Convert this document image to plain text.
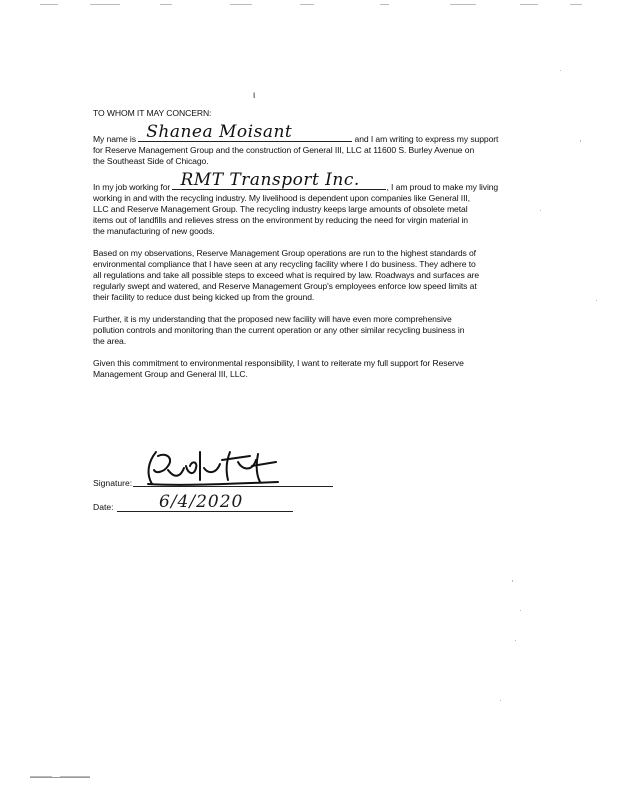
ι

TO WHOM IT MAY CONCERN:

My name is Shanea Moisant	and I am writing to express my support

for Reserve Management Group and the construction of General III, LLC at 11600 S. Burley Avenue on

the Southeast Side of Chicago.

In my job working for RMT Transport Inc.	, I am proud to make my living

working in and with the recycling industry. My livelihood is dependent upon companies like General III,

LLC and Reserve Management Group. The recycling industry keeps large amounts of obsolete metal

items out of landfills and relieves stress on the environment by reducing the need for virgin material in

the manufacturing of new goods.

Based on my observations, Reserve Management Group operations are run to the highest standards of

environmental compliance that I have seen at any recycling facility where I do business. They adhere to

all regulations and take all possible steps to exceed what is required by law. Roadways and surfaces are

regularly swept and watered, and Reserve Management Group's employees enforce low speed limits at

their facility to reduce dust being kicked up from the ground.

Further, it is my understanding that the proposed new facility will have even more comprehensive

pollution controls and monitoring than the current operation or any other similar recycling business in

the area.

Given this commitment to environmental responsibility, I want to reiterate my full support for Reserve

Management Group and General III, LLC.

Signature:
Date:	6/4/2020
